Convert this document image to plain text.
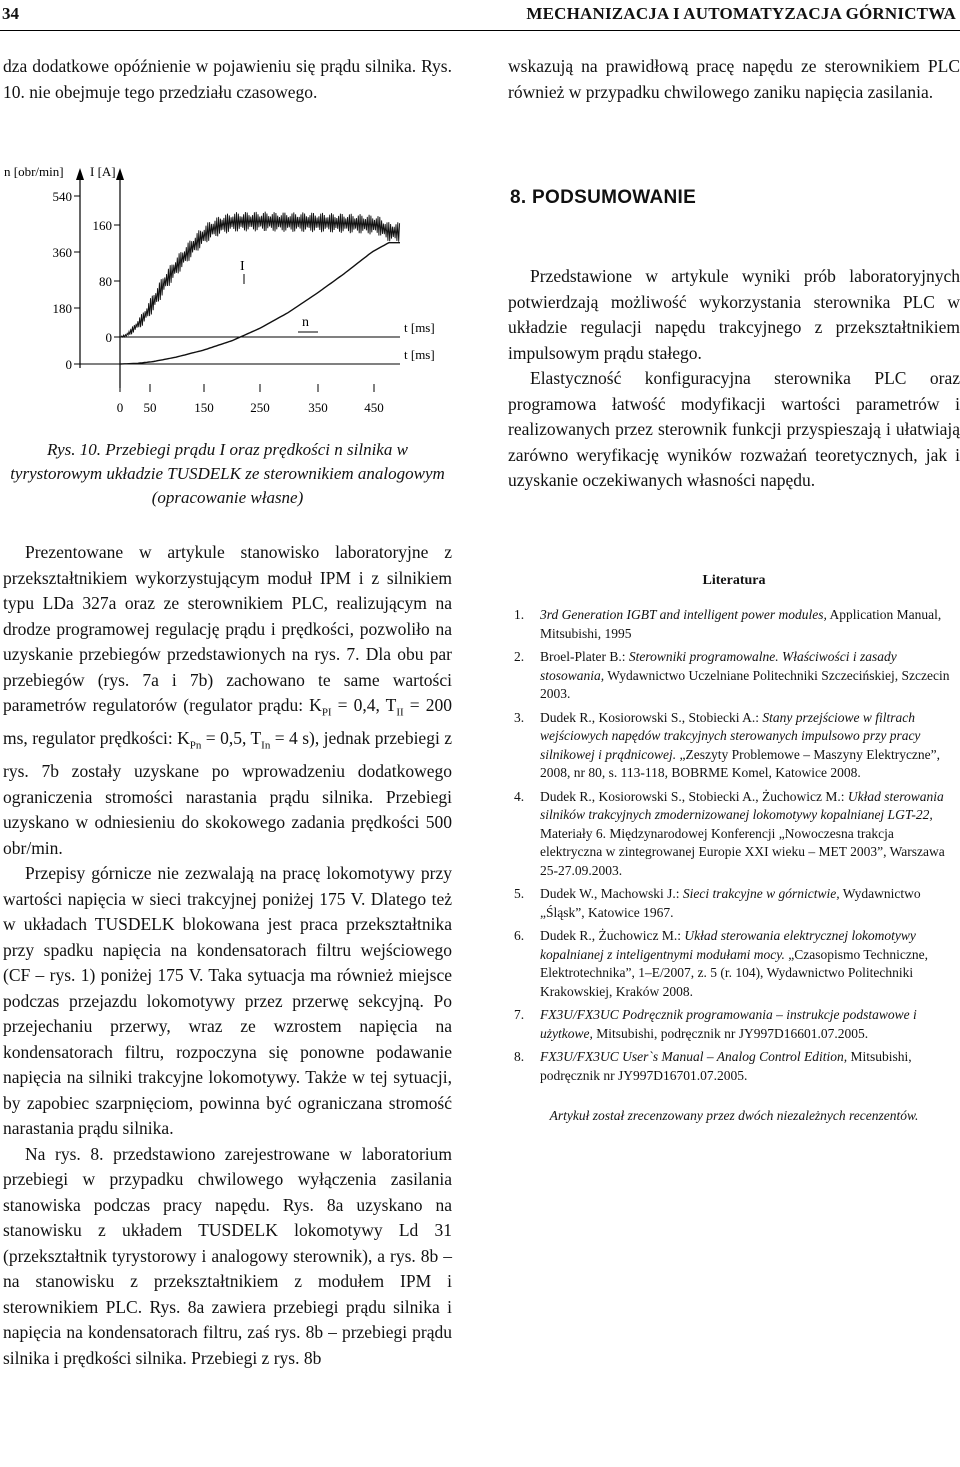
34	MECHANIZACJA I AUTOMATYZACJA GÓRNICTWA

dza dodatkowe opóźnienie w pojawieniu się prądu silnika. Rys. 10. nie obejmuje tego przedziału czasowego.

n [obr/min] I [A]
540
360
180
0
160
80
0
t [ms]
t [ms]
0 50	150	250	350	450
I
n
Rys. 10. Przebiegi prądu I oraz prędkości n silnika w tyrystorowym układzie TUSDELK ze sterownikiem analogowym (opracowanie własne)

Prezentowane w artykule stanowisko laboratoryjne z przekształtnikiem wykorzystującym moduł IPM i z silnikiem typu LDa 327a oraz ze sterownikiem PLC, realizującym na drodze programowej regulację prądu i prędkości, pozwoliło na uzyskanie przebiegów przedstawionych na rys. 7. Dla obu par przebiegów (rys. 7a i 7b) zachowano te same wartości parametrów regulatorów (regulator prądu: $K_{PI} = 0,4$, $T_{II} = 200$ ms, regulator prędkości: $K_{Pn} = 0,5$, $T_{In} = 4$ s), jednak przebiegi z rys. 7b zostały uzyskane po wprowadzeniu dodatkowego ograniczenia stromości narastania prądu silnika. Przebiegi uzyskano w odniesieniu do skokowego zadania prędkości 500 obr/min.

Przepisy górnicze nie zezwalają na pracę lokomotywy przy wartości napięcia w sieci trakcyjnej poniżej 175 V. Dlatego też w układach TUSDELK blokowana jest praca przekształtnika przy spadku napięcia na kondensatorach filtru wejściowego (CF – rys. 1) poniżej 175 V. Taka sytuacja ma również miejsce podczas przejazdu lokomotywy przez przerwę sekcyjną. Po przejechaniu przerwy, wraz ze wzrostem napięcia na kondensatorach filtru, rozpoczyna się ponowne podawanie napięcia na silniki trakcyjne lokomotywy. Także w tej sytuacji, by zapobiec szarpnięciom, powinna być ograniczana stromość narastania prądu silnika.

Na rys. 8. przedstawiono zarejestrowane w laboratorium przebiegi w przypadku chwilowego wyłączenia zasilania stanowiska podczas pracy napędu. Rys. 8a uzyskano na stanowisku z układem TUSDELK lokomotywy Ld 31 (przekształtnik tyrystorowy i analogowy sterownik), a rys. 8b – na stanowisku z przekształtnikiem z modułem IPM i sterownikiem PLC. Rys. 8a zawiera przebiegi prądu silnika i napięcia na kondensatorach filtru, zaś rys. 8b – przebiegi prądu silnika i prędkości silnika. Przebiegi z rys. 8b

wskazują na prawidłową pracę napędu ze sterownikiem PLC również w przypadku chwilowego zaniku napięcia zasilania.

8. PODSUMOWANIE

Przedstawione w artykule wyniki prób laboratoryjnych potwierdzają możliwość wykorzystania sterownika PLC w układzie regulacji napędu trakcyjnego z przekształtnikiem impulsowym prądu stałego.

Elastyczność konfiguracyjna sterownika PLC oraz programowa łatwość modyfikacji wartości parametrów i realizowanych przez sterownik funkcji przyspieszają i ułatwiają zarówno weryfikację wyników rozważań teoretycznych, jak i uzyskanie oczekiwanych własności napędu.

Literatura
1. 3rd Generation IGBT and intelligent power modules, Application Manual, Mitsubishi, 1995
2. Broel-Plater B.: Sterowniki programowalne. Właściwości i zasady stosowania, Wydawnictwo Uczelniane Politechniki Szczecińskiej, Szczecin 2003.
3. Dudek R., Kosiorowski S., Stobiecki A.: Stany przejściowe w filtrach wejściowych napędów trakcyjnych sterowanych impulsowo przy pracy silnikowej i prądnicowej. „Zeszyty Problemowe – Maszyny Elektryczne”, 2008, nr 80, s. 113-118, BOBRME Komel, Katowice 2008.
4. Dudek R., Kosiorowski S., Stobiecki A., Żuchowicz M.: Układ sterowania silników trakcyjnych zmodernizowanej lokomotywy kopalnianej LGT-22, Materiały 6. Międzynarodowej Konferencji „Nowoczesna trakcja elektryczna w zintegrowanej Europie XXI wieku – MET 2003”, Warszawa 25-27.09.2003.
5. Dudek W., Machowski J.: Sieci trakcyjne w górnictwie, Wydawnictwo „Śląsk”, Katowice 1967.
6. Dudek R., Żuchowicz M.: Układ sterowania elektrycznej lokomotywy kopalnianej z inteligentnymi modułami mocy. „Czasopismo Techniczne, Elektrotechnika”, 1–E/2007, z. 5 (r. 104), Wydawnictwo Politechniki Krakowskiej, Kraków 2008.
7. FX3U/FX3UC Podręcznik programowania – instrukcje podstawowe i użytkowe, Mitsubishi, podręcznik nr JY997D16601.07.2005.
8. FX3U/FX3UC User`s Manual – Analog Control Edition, Mitsubishi, podręcznik nr JY997D16701.07.2005.
Artykuł został zrecenzowany przez dwóch niezależnych recenzentów.
